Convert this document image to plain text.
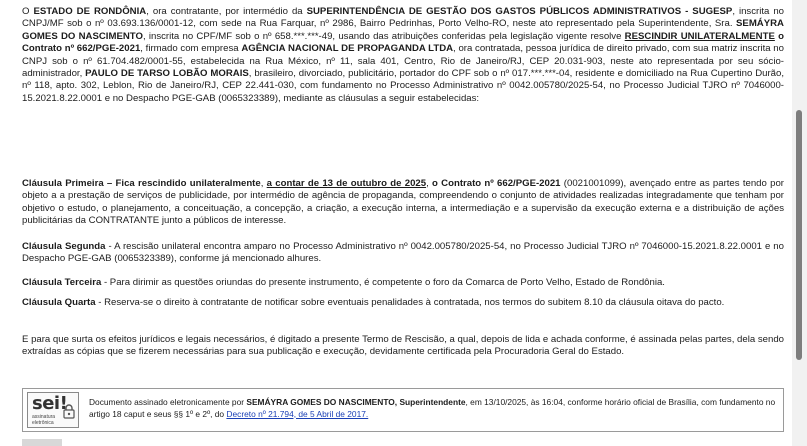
O ESTADO DE RONDÔNIA, ora contratante, por intermédio da SUPERINTENDÊNCIA DE GESTÃO DOS GASTOS PÚBLICOS ADMINISTRATIVOS - SUGESP, inscrita no CNPJ/MF sob o nº 03.693.136/0001-12, com sede na Rua Farquar, nº 2986, Bairro Pedrinhas, Porto Velho-RO, neste ato representado pela Superintendente, Sra. SEMÁYRA GOMES DO NASCIMENTO, inscrita no CPF/MF sob o nº 658.***.***-49, usando das atribuições conferidas pela legislação vigente resolve RESCINDIR UNILATERALMENTE o Contrato nº 662/PGE-2021, firmado com empresa AGÊNCIA NACIONAL DE PROPAGANDA LTDA, ora contratada, pessoa jurídica de direito privado, com sua matriz inscrita no CNPJ sob o nº 61.704.482/0001-55, estabelecida na Rua México, nº 11, sala 401, Centro, Rio de Janeiro/RJ, CEP 20.031-903, neste ato representada por seu sócio-administrador, PAULO DE TARSO LOBÃO MORAIS, brasileiro, divorciado, publicitário, portador do CPF sob o nº 017.***.***-04, residente e domiciliado na Rua Cupertino Durão, nº 118, apto. 302, Leblon, Rio de Janeiro/RJ, CEP 22.441-030, com fundamento no Processo Administrativo nº 0042.005780/2025-54, no Processo Judicial TJRO nº 7046000-15.2021.8.22.0001 e no Despacho PGE-GAB (0065323389), mediante as cláusulas a seguir estabelecidas:

Cláusula Primeira – Fica rescindido unilateralmente, a contar de 13 de outubro de 2025, o Contrato nº 662/PGE-2021 (0021001099), avençado entre as partes tendo por objeto a a prestação de serviços de publicidade, por intermédio de agência de propaganda, compreendendo o conjunto de atividades realizadas integradamente que tenham por objetivo o estudo, o planejamento, a conceituação, a concepção, a criação, a execução interna, a intermediação e a supervisão da execução externa e a distribuição de ações publicitárias da CONTRATANTE junto a públicos de interesse.

Cláusula Segunda - A rescisão unilateral encontra amparo no Processo Administrativo nº 0042.005780/2025-54, no Processo Judicial TJRO nº 7046000-15.2021.8.22.0001 e no Despacho PGE-GAB (0065323389), conforme já mencionado alhures.

Cláusula Terceira - Para dirimir as questões oriundas do presente instrumento, é competente o foro da Comarca de Porto Velho, Estado de Rondônia.

Cláusula Quarta - Reserva-se o direito à contratante de notificar sobre eventuais penalidades à contratada, nos termos do subitem 8.10 da cláusula oitava do pacto.

E para que surta os efeitos jurídicos e legais necessários, é digitado a presente Termo de Rescisão, a qual, depois de lida e achada conforme, é assinada pelas partes, dela sendo extraídas as cópias que se fizerem necessárias para sua publicação e execução, devidamente certificada pela Procuradoria Geral do Estado.

sei!
assinatura
eletrônica
Documento assinado eletronicamente por SEMÁYRA GOMES DO NASCIMENTO, Superintendente, em 13/10/2025, às 16:04, conforme horário oficial de Brasília, com fundamento no artigo 18 caput e seus §§ 1º e 2º, do Decreto nº 21.794, de 5 Abril de 2017.
